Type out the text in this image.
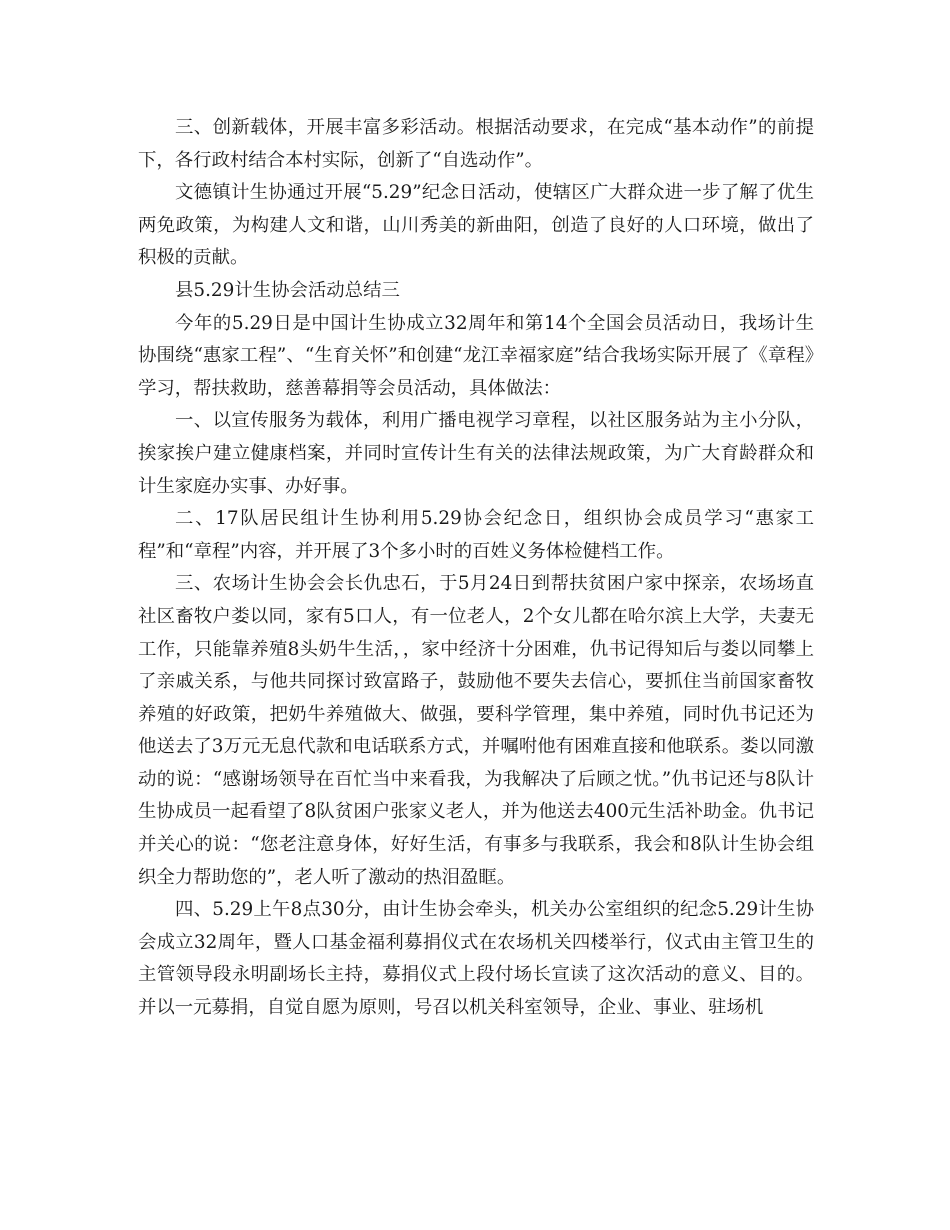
三、创新载体，开展丰富多彩活动。根据活动要求，在完成“基本动作”的前提下，各行政村结合本村实际，创新了“自选动作”。

文德镇计生协通过开展“5.29”纪念日活动，使辖区广大群众进一步了解了优生两免政策，为构建人文和谐，山川秀美的新曲阳，创造了良好的人口环境，做出了积极的贡献。

县5.29计生协会活动总结三

今年的5.29日是中国计生协成立32周年和第14个全国会员活动日，我场计生协围绕“惠家工程”、“生育关怀”和创建“龙江幸福家庭”结合我场实际开展了《章程》学习，帮扶救助，慈善幕捐等会员活动，具体做法：

一、以宣传服务为载体，利用广播电视学习章程，以社区服务站为主小分队，挨家挨户建立健康档案，并同时宣传计生有关的法律法规政策，为广大育龄群众和计生家庭办实事、办好事。

二、17队居民组计生协利用5.29协会纪念日，组织协会成员学习“惠家工程”和“章程”内容，并开展了3个多小时的百姓义务体检健档工作。

三、农场计生协会会长仇忠石，于5月24日到帮扶贫困户家中探亲，农场场直社区畜牧户娄以同，家有5口人，有一位老人，2个女儿都在哈尔滨上大学，夫妻无工作，只能靠养殖8头奶牛生活，，家中经济十分困难，仇书记得知后与娄以同攀上了亲戚关系，与他共同探讨致富路子，鼓励他不要失去信心，要抓住当前国家畜牧养殖的好政策，把奶牛养殖做大、做强，要科学管理，集中养殖，同时仇书记还为他送去了3万元无息代款和电话联系方式，并嘱咐他有困难直接和他联系。娄以同激动的说：“感谢场领导在百忙当中来看我，为我解决了后顾之忧。”仇书记还与8队计生协成员一起看望了8队贫困户张家义老人，并为他送去400元生活补助金。仇书记并关心的说：“您老注意身体，好好生活，有事多与我联系，我会和8队计生协会组织全力帮助您的”，老人听了激动的热泪盈眶。

四、5.29上午8点30分，由计生协会牵头，机关办公室组织的纪念5.29计生协会成立32周年，暨人口基金福利募捐仪式在农场机关四楼举行，仪式由主管卫生的主管领导段永明副场长主持，募捐仪式上段付场长宣读了这次活动的意义、目的。并以一元募捐，自觉自愿为原则，号召以机关科室领导，企业、事业、驻场机
